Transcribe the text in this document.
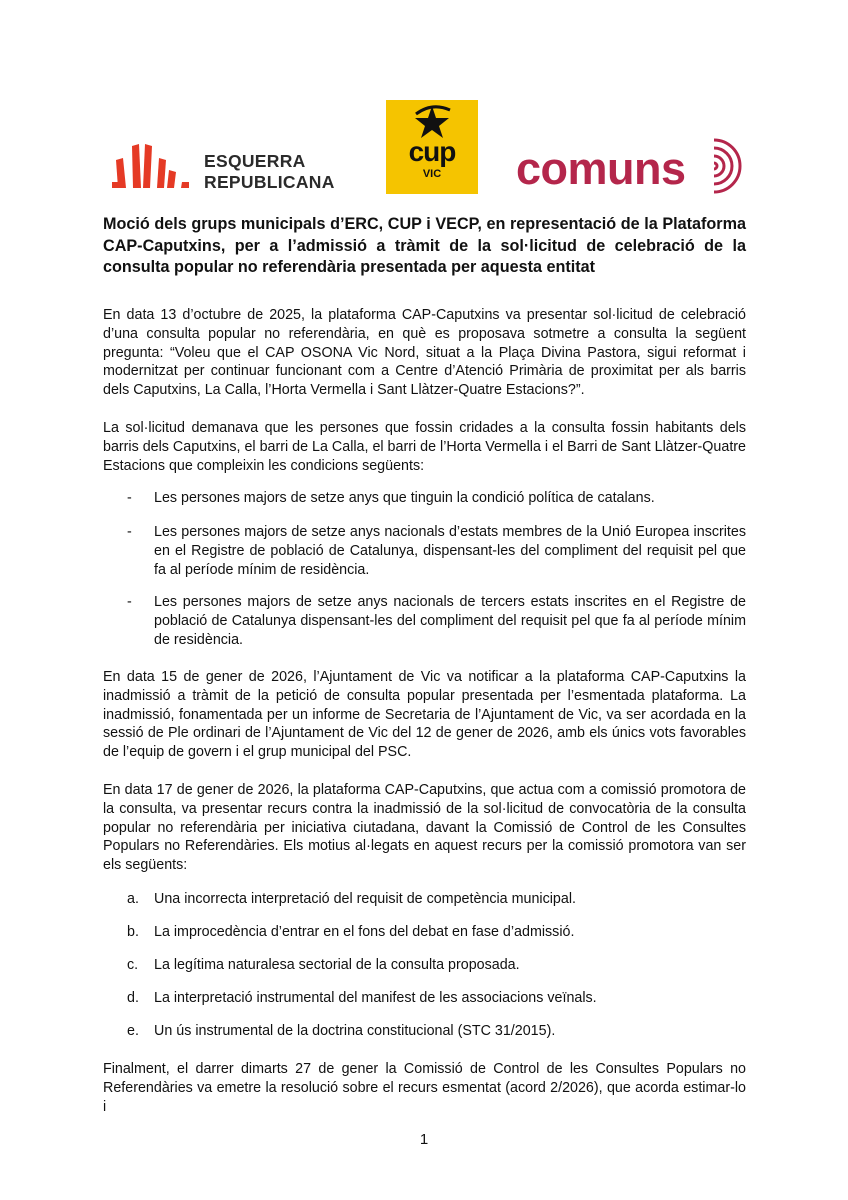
ESQUERRA
REPUBLICANA
cup
VIC	comuns
Moció dels grups municipals d’ERC, CUP i VECP, en representació de la Plataforma CAP-Caputxins, per a l’admissió a tràmit de la sol·licitud de celebració de la consulta popular no referendària presentada per aquesta entitat
En data 13 d’octubre de 2025, la plataforma CAP-Caputxins va presentar sol·licitud de celebració d’una consulta popular no referendària, en què es proposava sotmetre a consulta la següent pregunta: “Voleu que el CAP OSONA Vic Nord, situat a la Plaça Divina Pastora, sigui reformat i modernitzat per continuar funcionant com a Centre d’Atenció Primària de proximitat per als barris dels Caputxins, La Calla, l’Horta Vermella i Sant Llàtzer-Quatre Estacions?”.
La sol·licitud demanava que les persones que fossin cridades a la consulta fossin habitants dels barris dels Caputxins, el barri de La Calla, el barri de l’Horta Vermella i el Barri de Sant Llàtzer-Quatre Estacions que compleixin les condicions següents:
- Les persones majors de setze anys que tinguin la condició política de catalans.
- Les persones majors de setze anys nacionals d’estats membres de la Unió Europea inscrites en el Registre de població de Catalunya, dispensant-les del compliment del requisit pel que fa al període mínim de residència.
- Les persones majors de setze anys nacionals de tercers estats inscrites en el Registre de població de Catalunya dispensant-les del compliment del requisit pel que fa al període mínim de residència.
En data 15 de gener de 2026, l’Ajuntament de Vic va notificar a la plataforma CAP-Caputxins la inadmissió a tràmit de la petició de consulta popular presentada per l’esmentada plataforma. La inadmissió, fonamentada per un informe de Secretaria de l’Ajuntament de Vic, va ser acordada en la sessió de Ple ordinari de l’Ajuntament de Vic del 12 de gener de 2026, amb els únics vots favorables de l’equip de govern i el grup municipal del PSC.
En data 17 de gener de 2026, la plataforma CAP-Caputxins, que actua com a comissió promotora de la consulta, va presentar recurs contra la inadmissió de la sol·licitud de convocatòria de la consulta popular no referendària per iniciativa ciutadana, davant la Comissió de Control de les Consultes Populars no Referendàries. Els motius al·legats en aquest recurs per la comissió promotora van ser els següents:
a. Una incorrecta interpretació del requisit de competència municipal.
b. La improcedència d’entrar en el fons del debat en fase d’admissió.
c. La legítima naturalesa sectorial de la consulta proposada.
d. La interpretació instrumental del manifest de les associacions veïnals.
e. Un ús instrumental de la doctrina constitucional (STC 31/2015).
Finalment, el darrer dimarts 27 de gener la Comissió de Control de les Consultes Populars no Referendàries va emetre la resolució sobre el recurs esmentat (acord 2/2026), que acorda estimar-lo i
1
